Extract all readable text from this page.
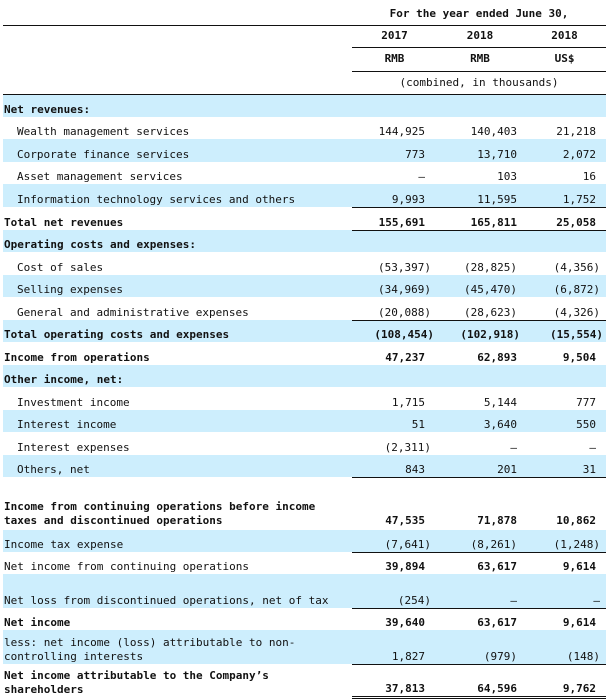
	For the year ended June 30,		
	2017	2018	2018
	RMB	RMB	US$
	(combined, in thousands)		
Net revenues:			
Wealth management services	144,925	140,403	21,218
Corporate finance services	773	13,710	2,072
Asset management services	—	103	16
Information technology services and others	9,993	11,595	1,752
Total net revenues	155,691	165,811	25,058
Operating costs and expenses:			
Cost of sales	(53,397)	(28,825)	(4,356)
Selling expenses	(34,969)	(45,470)	(6,872)
General and administrative expenses	(20,088)	(28,623)	(4,326)
Total operating costs and expenses	(108,454)	(102,918)	(15,554)
Income from operations	47,237	62,893	9,504
Other income, net:			
Investment income	1,715	5,144	777
Interest income	51	3,640	550
Interest expenses	(2,311)	—	—
Others, net	843	201	31
Income from continuing operations before income taxes and discontinued operations	47,535	71,878	10,862
Income tax expense	(7,641)	(8,261)	(1,248)
Net income from continuing operations	39,894	63,617	9,614
Net loss from discontinued operations, net of tax	(254)	—	—
Net income	39,640	63,617	9,614
less: net income (loss) attributable to non-controlling interests	1,827	(979)	(148)
Net income attributable to the Company’s shareholders	37,813	64,596	9,762
